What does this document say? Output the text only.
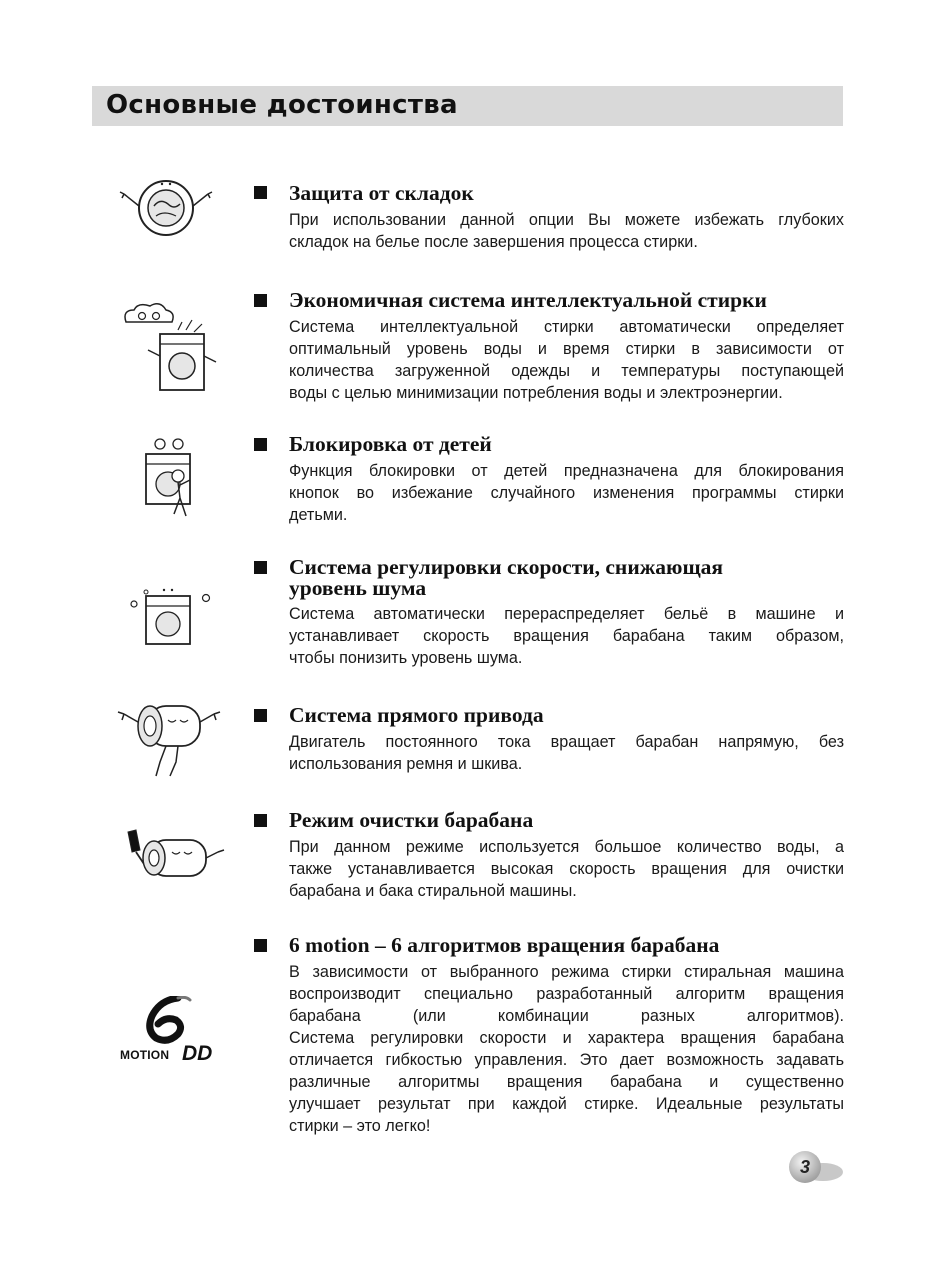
Основные достоинства
Защита от складок

При использовании данной опции Вы можете избежать глубоких
складок на белье после завершения процесса стирки.

Экономичная система интеллектуальной стирки

Система интеллектуальной стирки автоматически определяет
оптимальный уровень воды и время стирки в зависимости от
количества загруженной одежды и температуры поступающей
воды с целью минимизации потребления воды и электроэнергии.

Блокировка от детей

Функция блокировки от детей предназначена для блокирования
кнопок во избежание случайного изменения программы стирки
детьми.

Система регулировки скорости, снижающая
уровень шума

Система автоматически перераспределяет бельё в машине и
устанавливает скорость вращения барабана таким образом,
чтобы понизить уровень шума.

Система прямого привода

Двигатель постоянного тока вращает барабан напрямую, без
использования ремня и шкива.

Режим очистки барабана

При данном режиме используется большое количество воды, а
также устанавливается высокая скорость вращения для очистки
барабана и бака стиральной машины.

MOTION DD
6 motion – 6 алгоритмов вращения барабана

В зависимости от выбранного режима стирки стиральная машина
воспроизводит специально разработанный алгоритм вращения
барабана (или комбинации разных алгоритмов).
Система регулировки скорости и характера вращения барабана
отличается гибкостью управления. Это дает возможность задавать
различные алгоритмы вращения барабана и существенно
улучшает результат при каждой стирке. Идеальные результаты
стирки – это легко!

3
